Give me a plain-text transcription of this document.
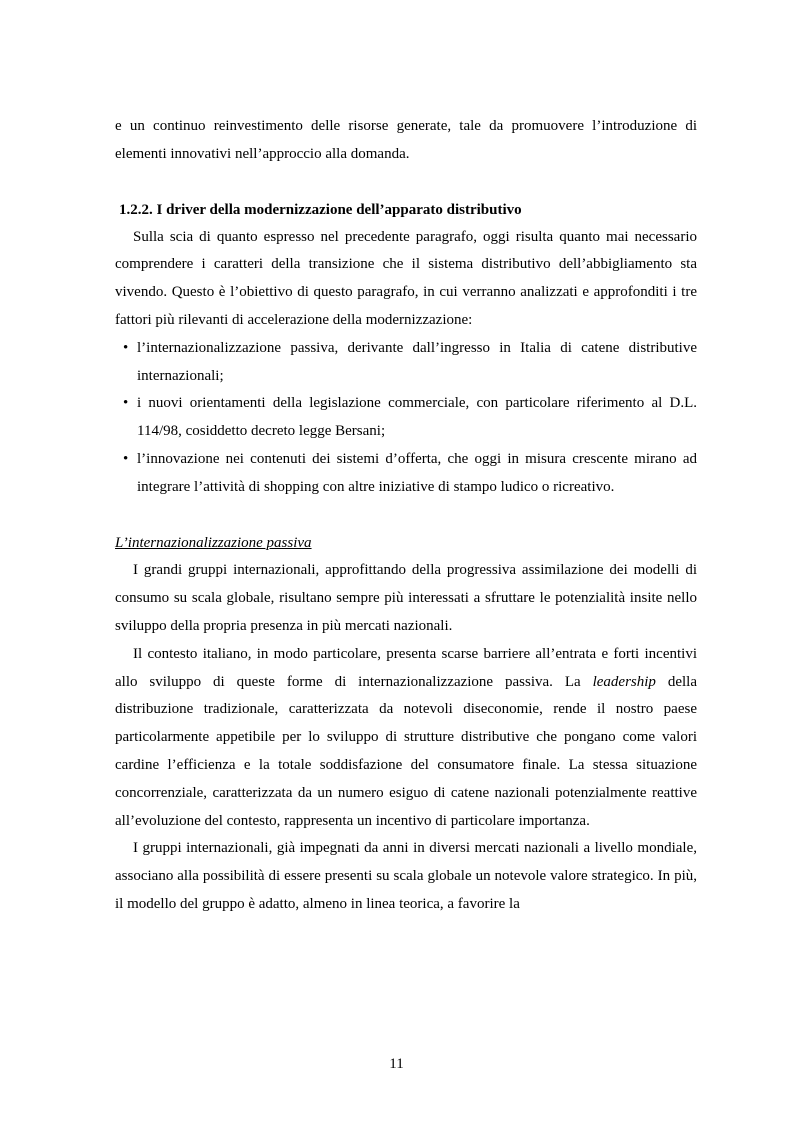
e un continuo reinvestimento delle risorse generate, tale da promuovere l’introduzione di elementi innovativi nell’approccio alla domanda.

1.2.2. I driver della modernizzazione dell’apparato distributivo

Sulla scia di quanto espresso nel precedente paragrafo, oggi risulta quanto mai necessario comprendere i caratteri della transizione che il sistema distributivo dell’abbigliamento sta vivendo. Questo è l’obiettivo di questo paragrafo, in cui verranno analizzati e approfonditi i tre fattori più rilevanti di accelerazione della modernizzazione:

• l’internazionalizzazione passiva, derivante dall’ingresso in Italia di catene distributive internazionali;
• i nuovi orientamenti della legislazione commerciale, con particolare riferimento al D.L. 114/98, cosiddetto decreto legge Bersani;
• l’innovazione nei contenuti dei sistemi d’offerta, che oggi in misura crescente mirano ad integrare l’attività di shopping con altre iniziative di stampo ludico o ricreativo.
L’internazionalizzazione passiva

I grandi gruppi internazionali, approfittando della progressiva assimilazione dei modelli di consumo su scala globale, risultano sempre più interessati a sfruttare le potenzialità insite nello sviluppo della propria presenza in più mercati nazionali.

Il contesto italiano, in modo particolare, presenta scarse barriere all’entrata e forti incentivi allo sviluppo di queste forme di internazionalizzazione passiva. La leadership della distribuzione tradizionale, caratterizzata da notevoli diseconomie, rende il nostro paese particolarmente appetibile per lo sviluppo di strutture distributive che pongano come valori cardine l’efficienza e la totale soddisfazione del consumatore finale. La stessa situazione concorrenziale, caratterizzata da un numero esiguo di catene nazionali potenzialmente reattive all’evoluzione del contesto, rappresenta un incentivo di particolare importanza.

I gruppi internazionali, già impegnati da anni in diversi mercati nazionali a livello mondiale, associano alla possibilità di essere presenti su scala globale un notevole valore strategico. In più, il modello del gruppo è adatto, almeno in linea teorica, a favorire la

11
